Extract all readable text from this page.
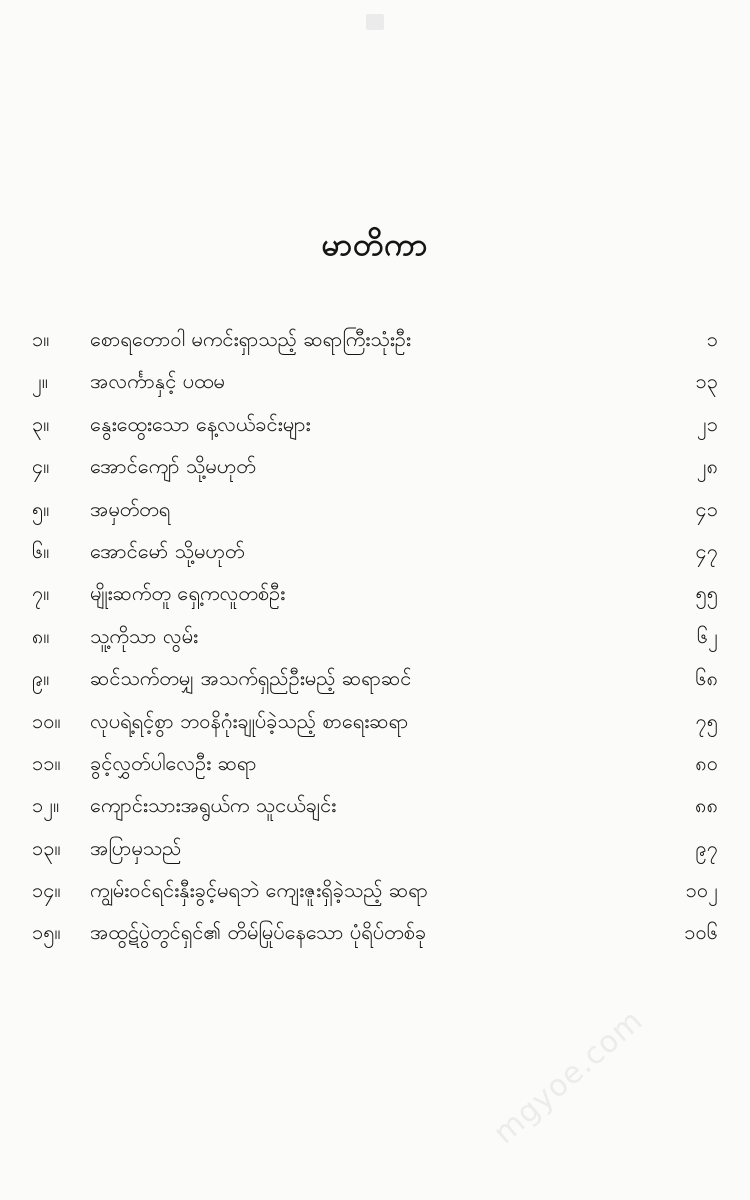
မာတိကာ
၁။ စောရတောဝါ မကင်းရှာသည့် ဆရာကြီးသုံးဦး	၁
၂။ အလင်္ကာနှင့် ပထမ	၁၃
၃။ နွေးထွေးသော နေ့လယ်ခင်းများ	၂၁
၄။ အောင်ကျော် သို့မဟုတ်	၂၈
၅။ အမှတ်တရ	၄၁
၆။ အောင်မော် သို့မဟုတ်	၄၇
၇။ မျိုးဆက်တူ ရှေ့ကလူတစ်ဦး	၅၅
၈။ သူ့ကိုသာ လွမ်း	၆၂
၉။ ဆင်သက်တမျှ အသက်ရှည်ဦးမည့် ဆရာဆင်	၆၈
၁၀။ လုပရဲ့ရင့်စွာ ဘ၀နိဂုံးချုပ်ခဲ့သည့် စာရေးဆရာ	၇၅
၁၁။ ခွင့်လွှတ်ပါလေဦး ဆရာ	၈၀
၁၂။ ကျောင်းသားအရွယ်က သူငယ်ချင်း	၈၈
၁၃။ အပြာမှသည်	၉၇
၁၄။ ကျွမ်းဝင်ရင်းနှီးခွင့်မရဘဲ ကျေးဇူးရှိခဲ့သည့် ဆရာ	၁၀၂
၁၅။ အထွဋ်ပွဲတွင်ရှင်၏ တိမ်မြုပ်နေသော ပုံရိပ်တစ်ခု	၁၀၆
mgyoe.com
